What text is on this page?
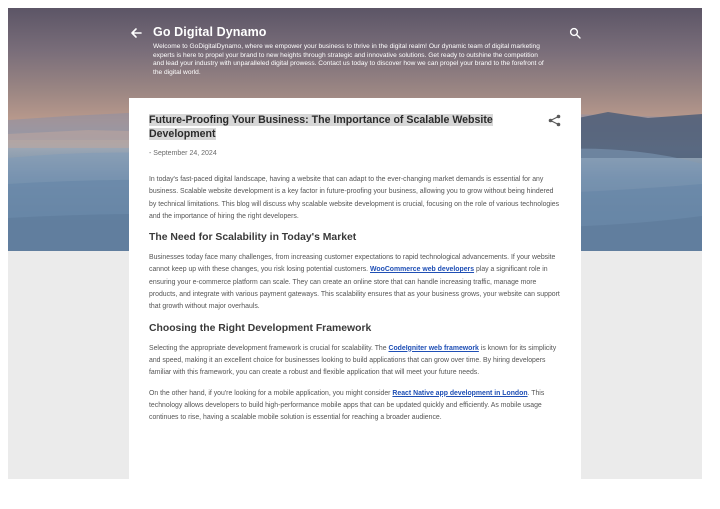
Go Digital Dynamo
Welcome to GoDigitalDynamo, where we empower your business to thrive in the digital realm! Our dynamic team of digital marketing experts is here to propel your brand to new heights through strategic and innovative solutions. Get ready to outshine the competition and lead your industry with unparalleled digital prowess. Contact us today to discover how we can propel your brand to the forefront of the digital world.
Future-Proofing Your Business: The Importance of Scalable Website Development
- September 24, 2024

In today's fast-paced digital landscape, having a website that can adapt to the ever-changing market demands is essential for any business. Scalable website development is a key factor in future-proofing your business, allowing you to grow without being hindered by technical limitations. This blog will discuss why scalable website development is crucial, focusing on the role of various technologies and the importance of hiring the right developers.

The Need for Scalability in Today's Market

Businesses today face many challenges, from increasing customer expectations to rapid technological advancements. If your website cannot keep up with these changes, you risk losing potential customers. WooCommerce web developers play a significant role in ensuring your e-commerce platform can scale. They can create an online store that can handle increasing traffic, manage more products, and integrate with various payment gateways. This scalability ensures that as your business grows, your website can support that growth without major overhauls.

Choosing the Right Development Framework

Selecting the appropriate development framework is crucial for scalability. The CodeIgniter web framework is known for its simplicity and speed, making it an excellent choice for businesses looking to build applications that can grow over time. By hiring developers familiar with this framework, you can create a robust and flexible application that will meet your future needs.

On the other hand, if you're looking for a mobile application, you might consider React Native app development in London. This technology allows developers to build high-performance mobile apps that can be updated quickly and efficiently. As mobile usage continues to rise, having a scalable mobile solution is essential for reaching a broader audience.
